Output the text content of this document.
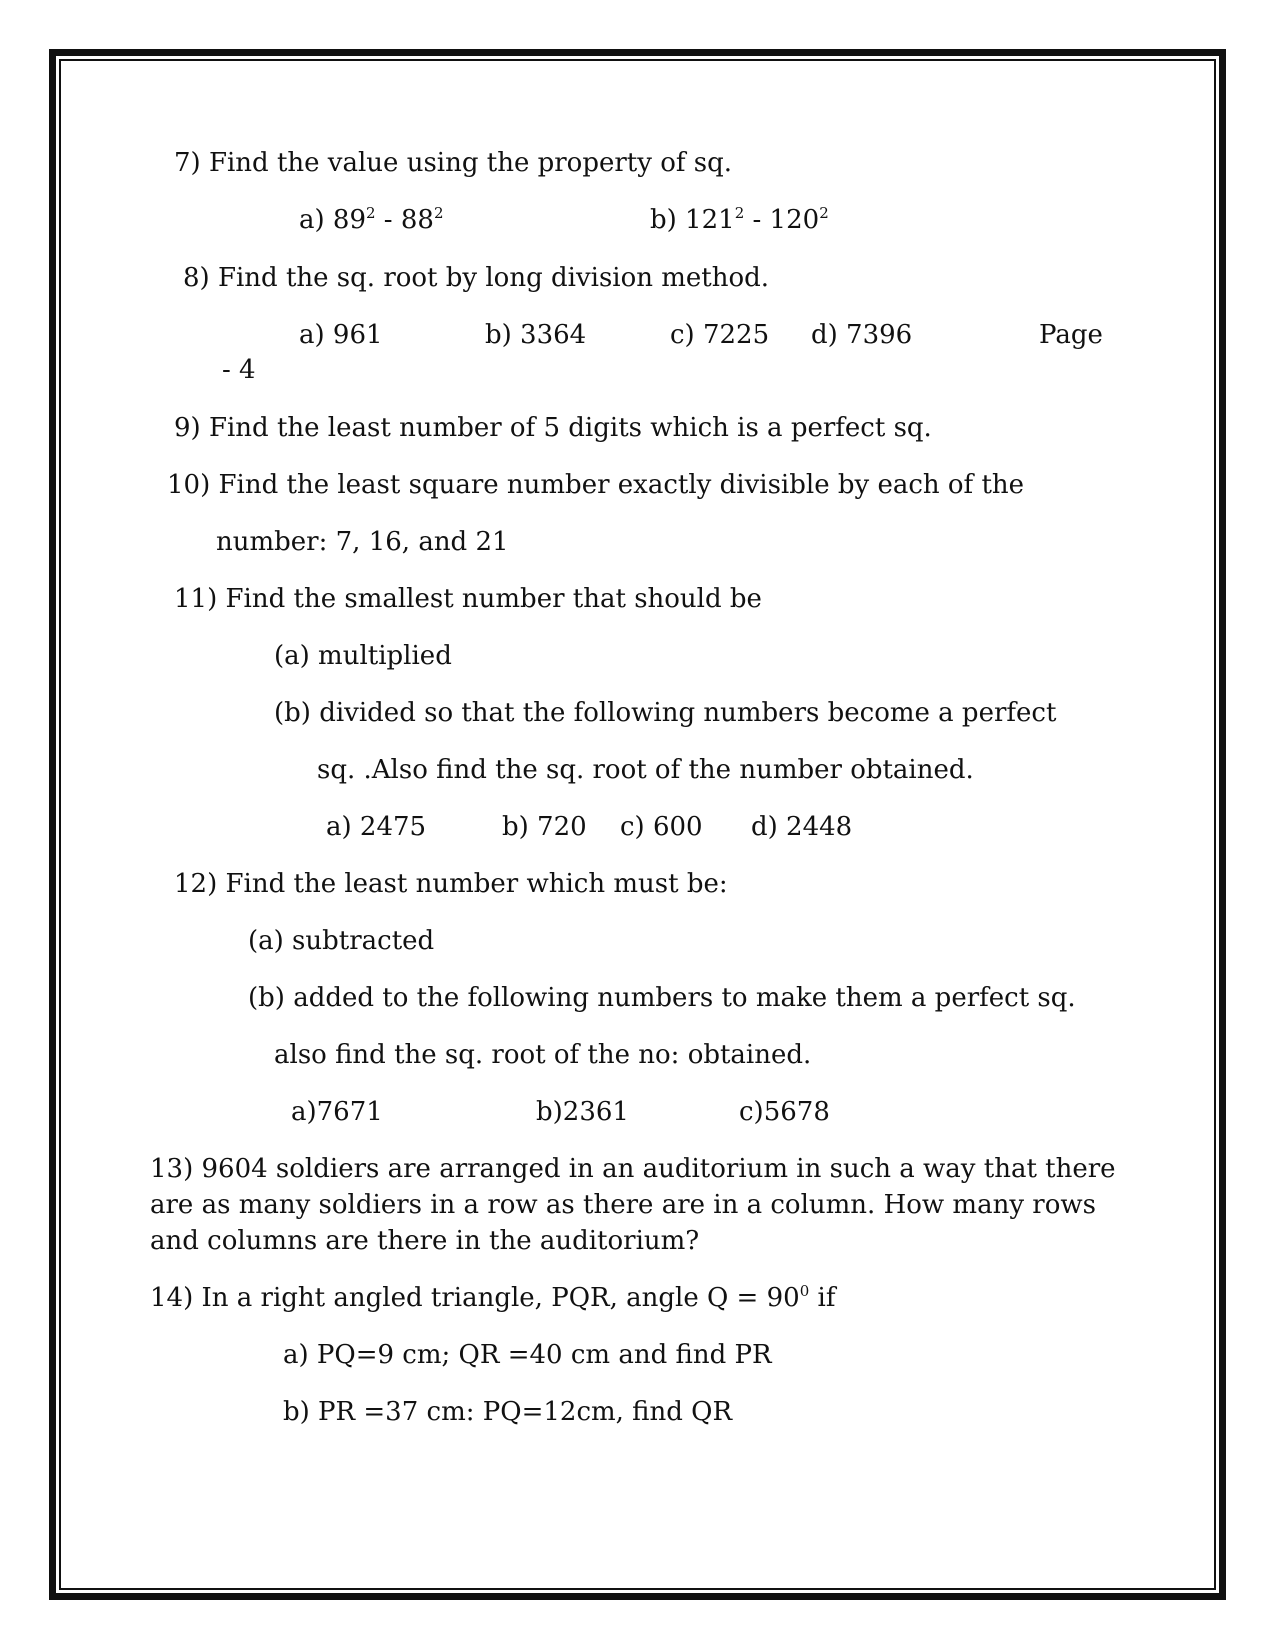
7) Find the value using the property of sq.
a) $89^2 - 88^2$	b) $121^2 - 120^2$
8) Find the sq. root by long division method.
a) 961	b) 3364	c) 7225 d) 7396	Page
- 4
9) Find the least number of 5 digits which is a perfect sq.
10) Find the least square number exactly divisible by each of the
number: 7, 16, and 21
11) Find the smallest number that should be
(a) multiplied
(b) divided so that the following numbers become a perfect
sq. .Also find the sq. root of the number obtained.
a) 2475	b) 720 c) 600 d) 2448
12) Find the least number which must be:
(a) subtracted
(b) added to the following numbers to make them a perfect sq.
also find the sq. root of the no: obtained.
a)7671	b)2361	c)5678
13) 9604 soldiers are arranged in an auditorium in such a way that there
are as many soldiers in a row as there are in a column. How many rows
and columns are there in the auditorium?
14) In a right angled triangle, PQR, angle $Q = 90^0$ if
a) PQ=9 cm; QR =40 cm and find PR
b) PR =37 cm: PQ=12cm, find QR
